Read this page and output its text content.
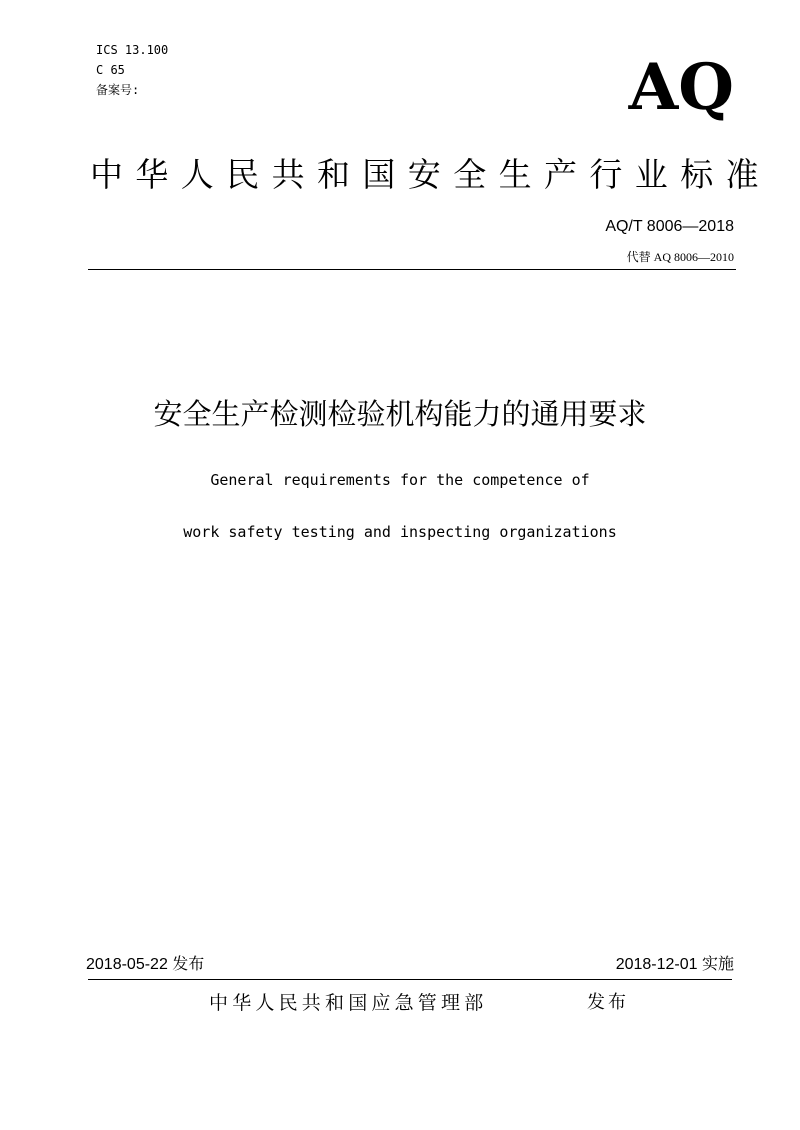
ICS 13.100
C 65
备案号:	AQ
中华人民共和国安全生产行业标准
AQ/T 8006—2018
代替 AQ 8006—2010
安全生产检测检验机构能力的通用要求
General requirements for the competence of
work safety testing and inspecting organizations
2018-05-22 发布	2018-12-01 实施
中华人民共和国应急管理部	发布
